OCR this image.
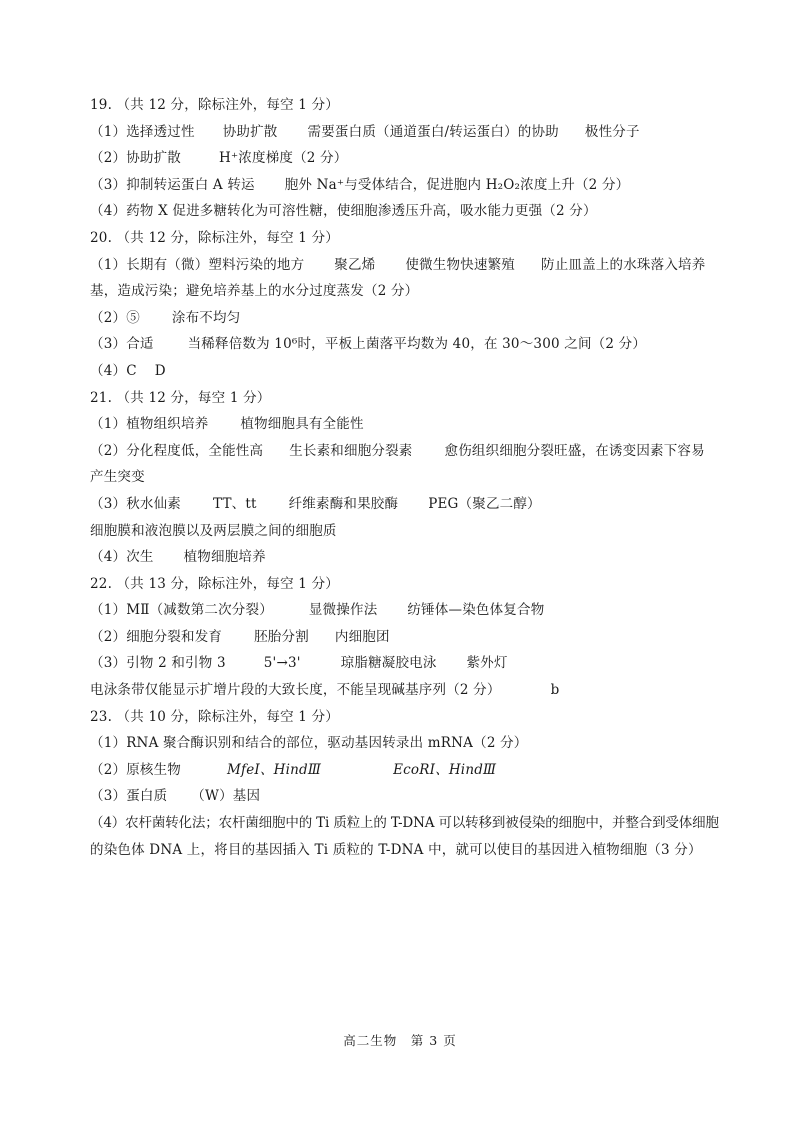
19. （共 12 分，除标注外，每空 1 分）
（1）选择透过性 协助扩散 需要蛋白质（通道蛋白/转运蛋白）的协助 极性分子
（2）协助扩散	H⁺浓度梯度（2 分）
（3）抑制转运蛋白 A 转运 胞外 Na⁺与受体结合，促进胞内 H₂O₂浓度上升（2 分）
（4）药物 X 促进多糖转化为可溶性糖，使细胞渗透压升高，吸水能力更强（2 分）
20. （共 12 分，除标注外，每空 1 分）
（1）长期有（微）塑料污染的地方 聚乙烯 使微生物快速繁殖 防止皿盖上的水珠落入培养
基，造成污染；避免培养基上的水分过度蒸发（2 分）
（2）⑤ 涂布不均匀
（3）合适	当稀释倍数为 10⁶时，平板上菌落平均数为 40，在 30～300 之间（2 分）
（4）C D
21. （共 12 分，每空 1 分）
（1）植物组织培养 植物细胞具有全能性
（2）分化程度低，全能性高 生长素和细胞分裂素 愈伤组织细胞分裂旺盛，在诱变因素下容易
产生突变
（3）秋水仙素 TT、tt 纤维素酶和果胶酶 PEG（聚乙二醇）
细胞膜和液泡膜以及两层膜之间的细胞质
（4）次生 植物细胞培养
22. （共 13 分，除标注外，每空 1 分）
（1）MⅡ（减数第二次分裂）	显微操作法 纺锤体—染色体复合物
（2）细胞分裂和发育 胚胎分割 内细胞团
（3）引物 2 和引物 3	5'→3'	琼脂糖凝胶电泳 紫外灯
电泳条带仅能显示扩增片段的大致长度，不能呈现碱基序列（2 分）	b
23. （共 10 分，除标注外，每空 1 分）
（1）RNA 聚合酶识别和结合的部位，驱动基因转录出 mRNA（2 分）
（2）原核生物	MfeⅠ、HindⅢ	EcoRⅠ、HindⅢ
（3）蛋白质 （W）基因
（4）农杆菌转化法；农杆菌细胞中的 Ti 质粒上的 T-DNA 可以转移到被侵染的细胞中，并整合到受体细胞
的染色体 DNA 上，将目的基因插入 Ti 质粒的 T-DNA 中，就可以使目的基因进入植物细胞（3 分）
高二生物　第 3 页
